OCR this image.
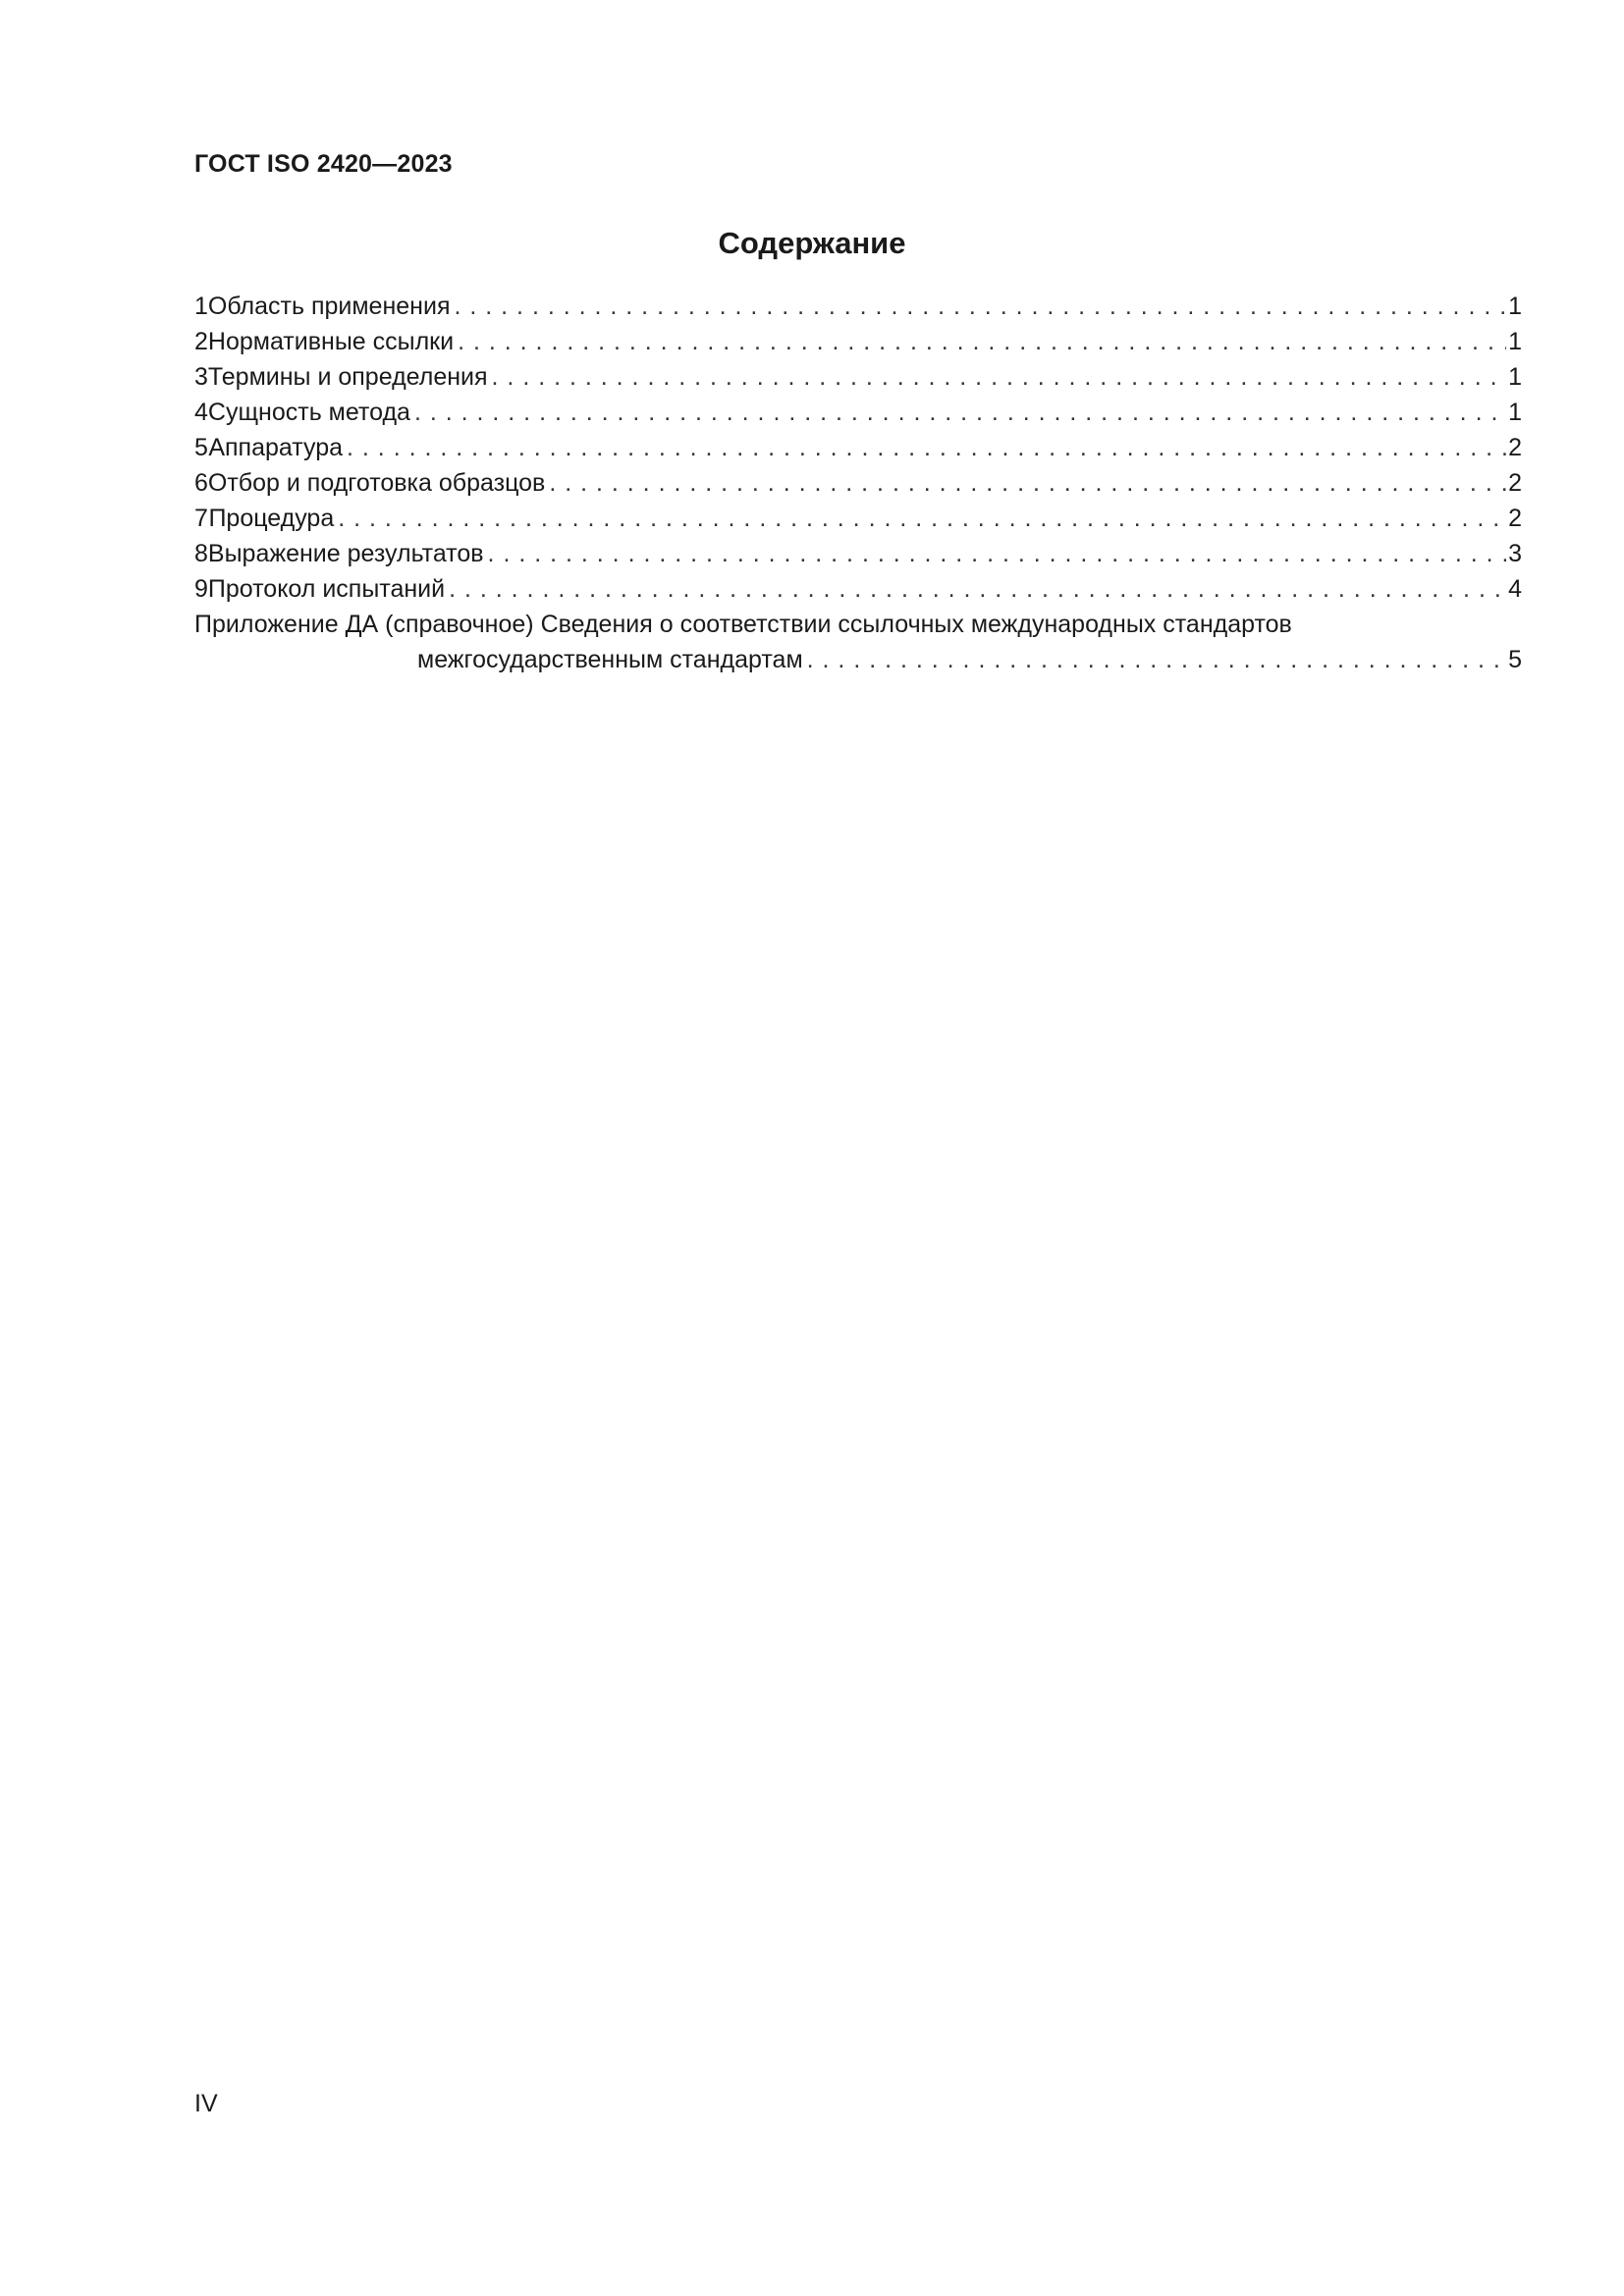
ГОСТ ISO 2420—2023
Содержание
1 Область применения . . .	1
2 Нормативные ссылки . . .	1
3 Термины и определения . . .	1
4 Сущность метода . . .	1
5 Аппаратура . . .	2
6 Отбор и подготовка образцов . . .	2
7 Процедура . . .	2
8 Выражение результатов . . .	3
9 Протокол испытаний . . .	4
Приложение ДА (справочное) Сведения о соответствии ссылочных международных стандартов
межгосударственным стандартам . . .	5
IV
